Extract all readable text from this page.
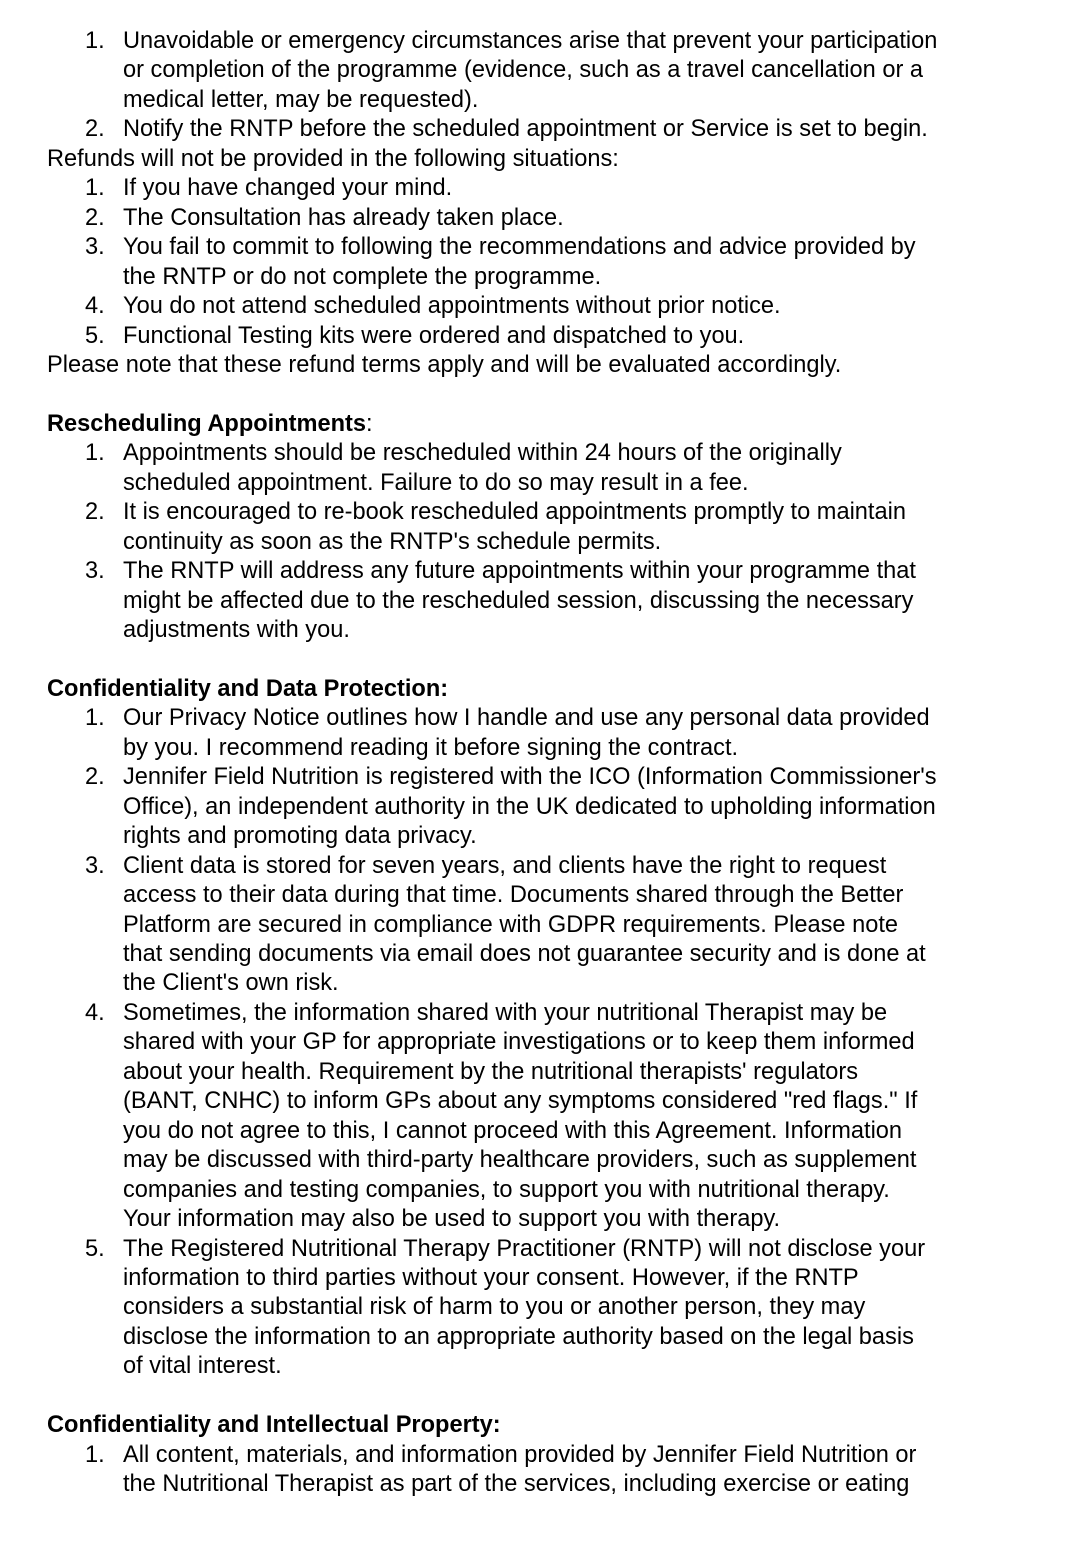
1. Unavoidable or emergency circumstances arise that prevent your participation
or completion of the programme (evidence, such as a travel cancellation or a
medical letter, may be requested).
2. Notify the RNTP before the scheduled appointment or Service is set to begin.

Refunds will not be provided in the following situations:

1. If you have changed your mind.
2. The Consultation has already taken place.
3. You fail to commit to following the recommendations and advice provided by
the RNTP or do not complete the programme.
4. You do not attend scheduled appointments without prior notice.
5. Functional Testing kits were ordered and dispatched to you.

Please note that these refund terms apply and will be evaluated accordingly.

Rescheduling Appointments:

1. Appointments should be rescheduled within 24 hours of the originally
scheduled appointment. Failure to do so may result in a fee.
2. It is encouraged to re-book rescheduled appointments promptly to maintain
continuity as soon as the RNTP's schedule permits.
3. The RNTP will address any future appointments within your programme that
might be affected due to the rescheduled session, discussing the necessary
adjustments with you.

Confidentiality and Data Protection:

1. Our Privacy Notice outlines how I handle and use any personal data provided
by you. I recommend reading it before signing the contract.
2. Jennifer Field Nutrition is registered with the ICO (Information Commissioner's
Office), an independent authority in the UK dedicated to upholding information
rights and promoting data privacy.
3. Client data is stored for seven years, and clients have the right to request
access to their data during that time. Documents shared through the Better
Platform are secured in compliance with GDPR requirements. Please note
that sending documents via email does not guarantee security and is done at
the Client's own risk.
4. Sometimes, the information shared with your nutritional Therapist may be
shared with your GP for appropriate investigations or to keep them informed
about your health. Requirement by the nutritional therapists' regulators
(BANT, CNHC) to inform GPs about any symptoms considered "red flags." If
you do not agree to this, I cannot proceed with this Agreement. Information
may be discussed with third-party healthcare providers, such as supplement
companies and testing companies, to support you with nutritional therapy.
Your information may also be used to support you with therapy.
5. The Registered Nutritional Therapy Practitioner (RNTP) will not disclose your
information to third parties without your consent. However, if the RNTP
considers a substantial risk of harm to you or another person, they may
disclose the information to an appropriate authority based on the legal basis
of vital interest.

Confidentiality and Intellectual Property:

1. All content, materials, and information provided by Jennifer Field Nutrition or
the Nutritional Therapist as part of the services, including exercise or eating
